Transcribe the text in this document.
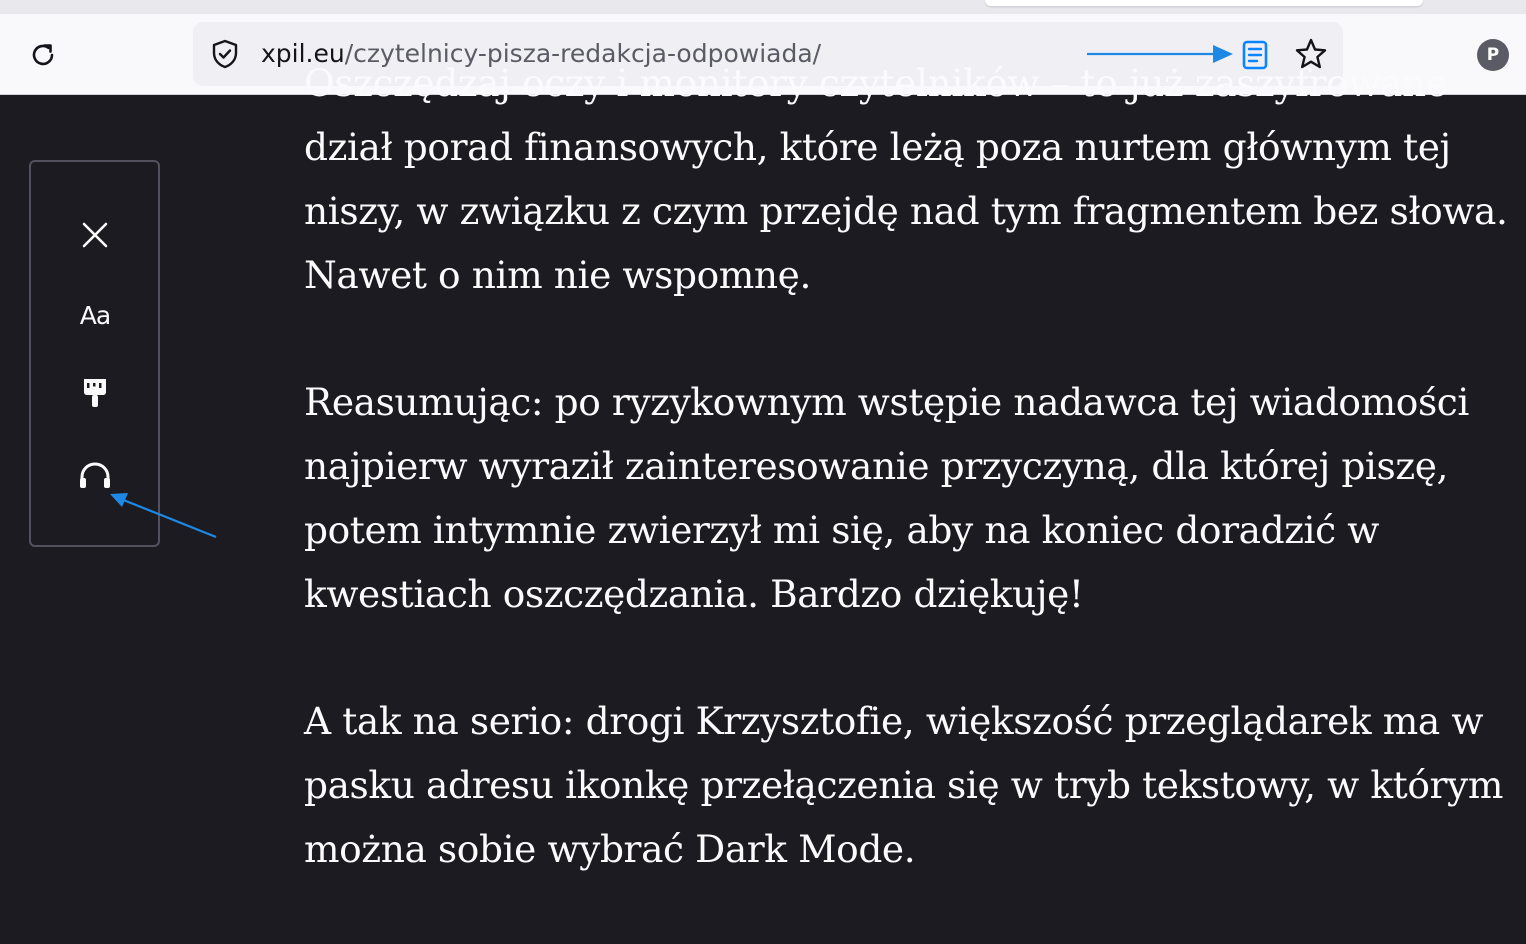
xpil.eu/czytelnicy-pisza-redakcja-odpowiada/	P

Oszczędzaj oczy i monitory czytelników – to już zaszyfrowane dział porad finansowych, które leżą poza nurtem głównym tej niszy, w związku z czym przejdę nad tym fragmentem bez słowa. Nawet o nim nie wspomnę.

Reasumując: po ryzykownym wstępie nadawca tej wiadomości najpierw wyraził zainteresowanie przyczyną, dla której piszę, potem intymnie zwierzył mi się, aby na koniec doradzić w kwestiach oszczędzania. Bardzo dziękuję!

A tak na serio: drogi Krzysztofie, większość przeglądarek ma w pasku adresu ikonkę przełączenia się w tryb tekstowy, w którym można sobie wybrać Dark Mode.

Aa
